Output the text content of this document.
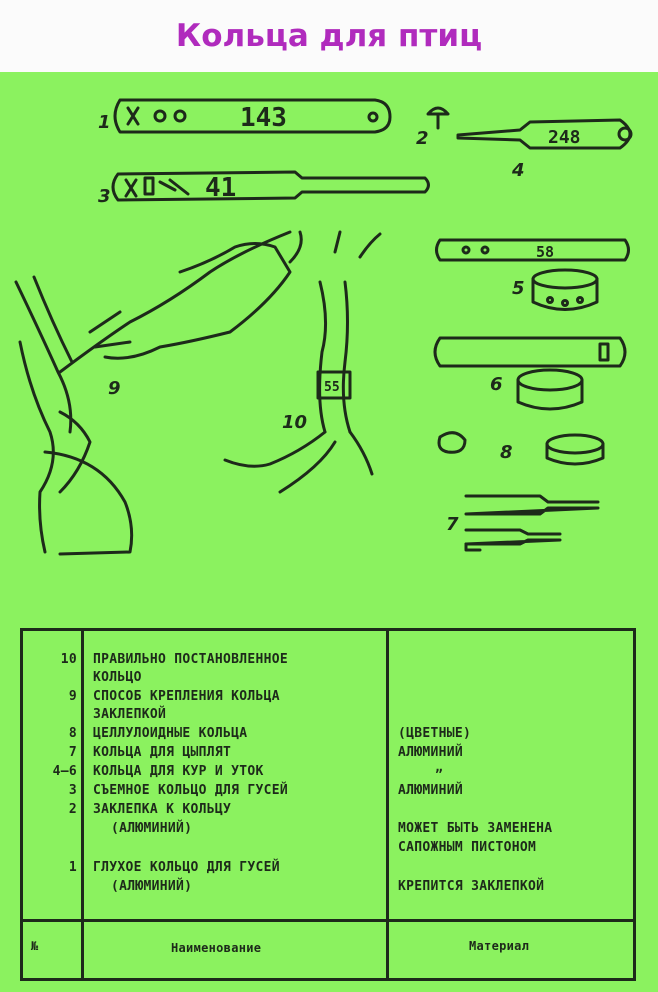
Кольца для птиц
1
2
3
4
5
6
7
8
9
10
143
41
248
58
55
10 ПРАВИЛЬНО ПОСТАНОВЛЕННОЕ
КОЛЬЦО
9 СПОСОБ КРЕПЛЕНИЯ КОЛЬЦА
ЗАКЛЕПКОЙ
8 ЦЕЛЛУЛОИДНЫЕ КОЛЬЦА	(ЦВЕТНЫЕ)
7 КОЛЬЦА ДЛЯ ЦЫПЛЯТ	АЛЮМИНИЙ
4—6 КОЛЬЦА ДЛЯ КУР И УТОК	„
3 СЪЕМНОЕ КОЛЬЦО ДЛЯ ГУСЕЙ	АЛЮМИНИЙ
2 ЗАКЛЕПКА К КОЛЬЦУ
(АЛЮМИНИЙ)	МОЖЕТ БЫТЬ ЗАМЕНЕНА
САПОЖНЫМ ПИСТОНОМ
1 ГЛУХОЕ КОЛЬЦО ДЛЯ ГУСЕЙ
(АЛЮМИНИЙ)	КРЕПИТСЯ ЗАКЛЕПКОЙ
№	Наименование	Материал
